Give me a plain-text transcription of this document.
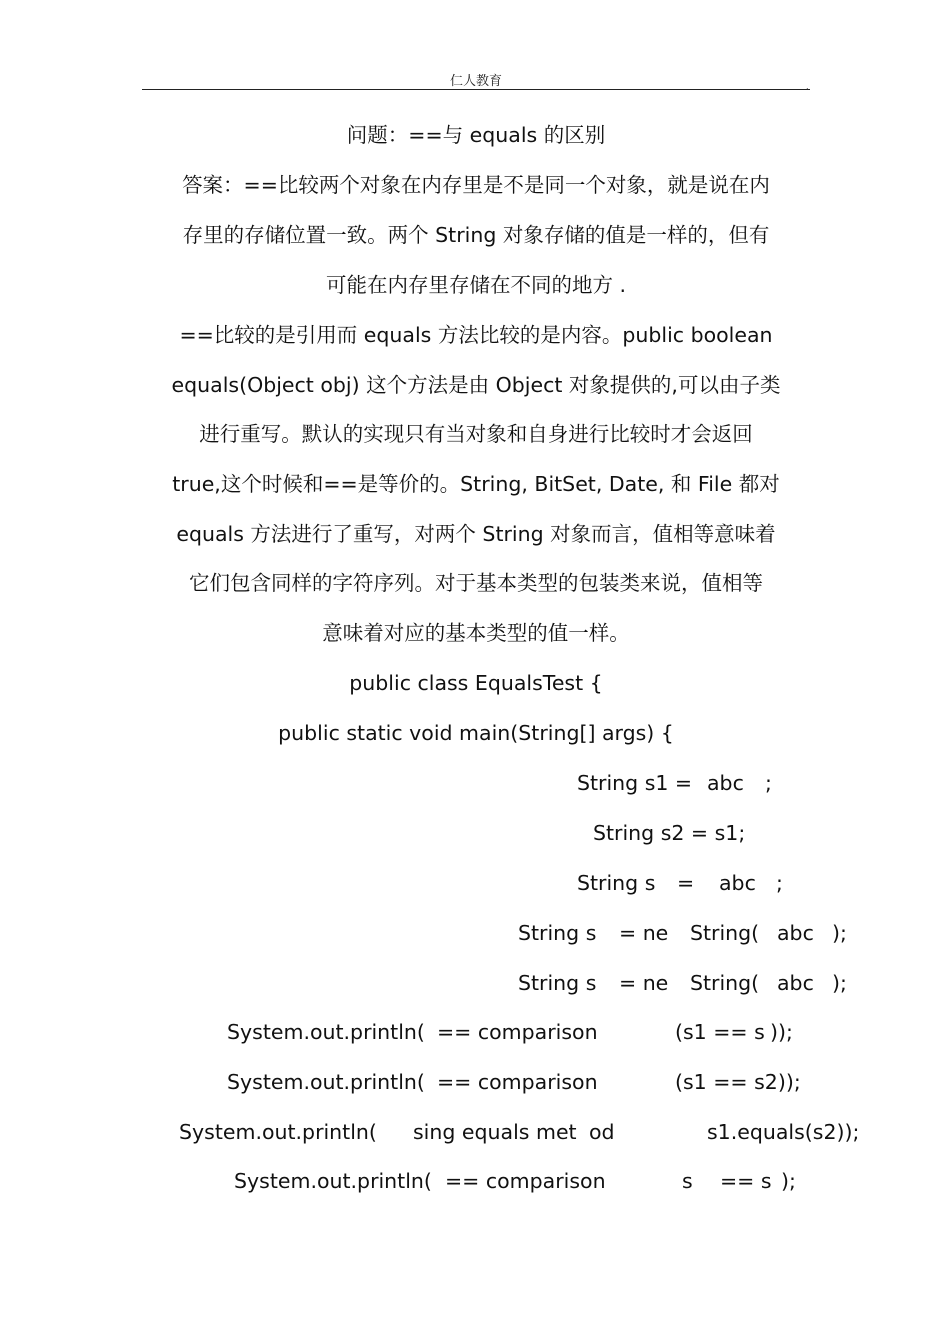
仁人教育	.
问题：==与 equals 的区别
答案：==比较两个对象在内存里是不是同一个对象，就是说在内
存里的存储位置一致。两个 String 对象存储的值是一样的，但有
可能在内存里存储在不同的地方 .
==比较的是引用而 equals 方法比较的是内容。public boolean
equals(Object obj) 这个方法是由 Object 对象提供的,可以由子类
进行重写。默认的实现只有当对象和自身进行比较时才会返回
true,这个时候和==是等价的。String, BitSet, Date, 和 File 都对
equals 方法进行了重写，对两个 String 对象而言，值相等意味着
它们包含同样的字符序列。对于基本类型的包装类来说，值相等
意味着对应的基本类型的值一样。
public class EqualsTest {
public static void main(String[] args) {
String s1 = abc ;
String s2 = s1;
String s = abc ;
String s = ne String( abc );
String s = ne String( abc );
System.out.println( == comparison	(s1 == s ));
System.out.println( == comparison	(s1 == s2));
System.out.println( sing equals met od	s1.equals(s2));
System.out.println( == comparison	s == s );
